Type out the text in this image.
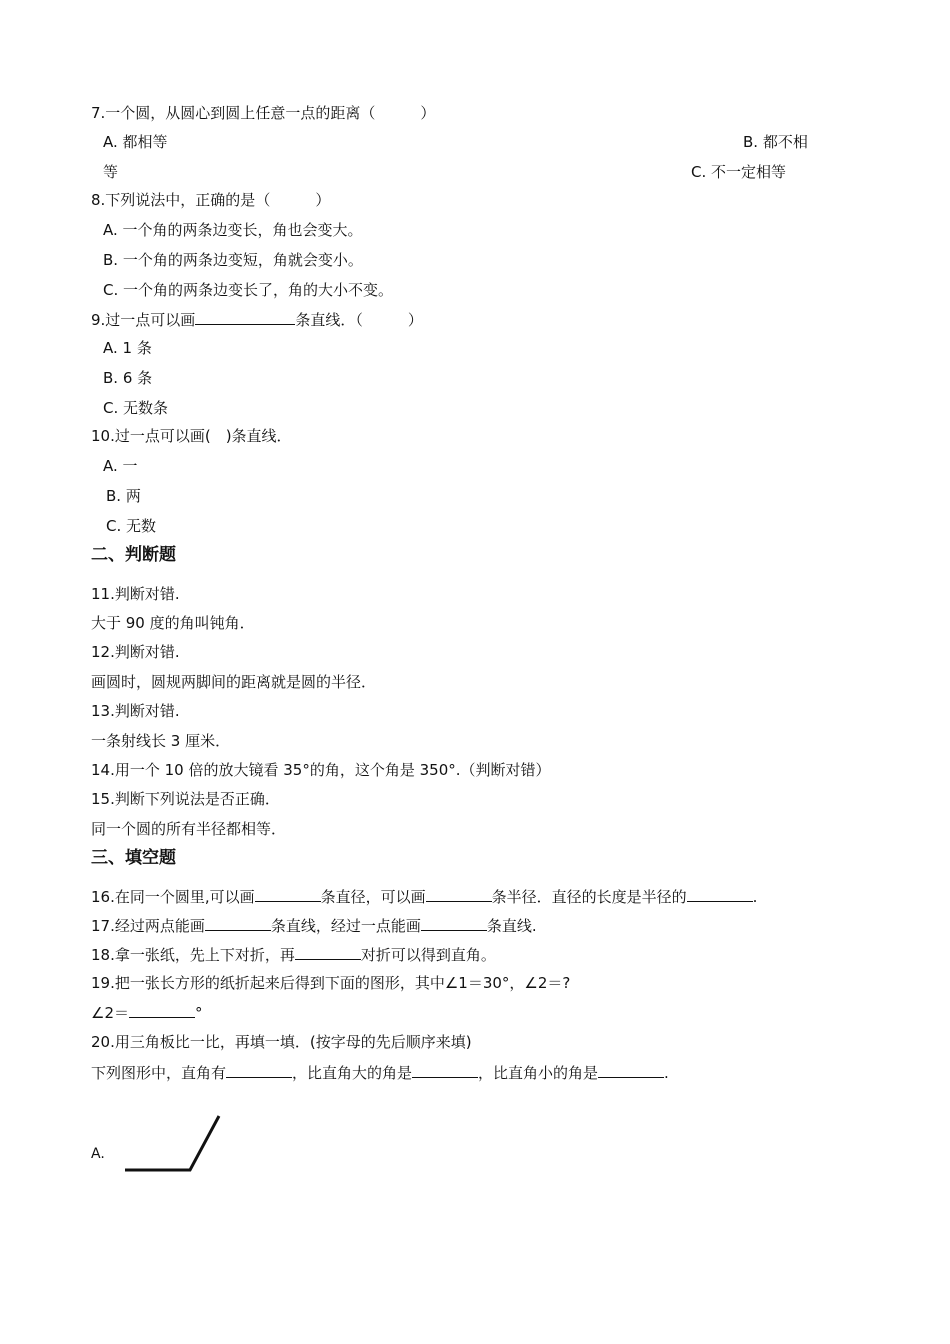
7.一个圆，从圆心到圆上任意一点的距离（　　　）
A. 都相等	B. 都不相
等	C. 不一定相等
8.下列说法中，正确的是（　　　）
A. 一个角的两条边变长，角也会变大。
B. 一个角的两条边变短，角就会变小。
C. 一个角的两条边变长了，角的大小不变。
9.过一点可以画	条直线．（　　　）
A. 1 条
B. 6 条
C. 无数条
10.过一点可以画(　)条直线．
A. 一
B. 两
C. 无数
二、判断题
11.判断对错.
大于 90 度的角叫钝角．
12.判断对错.
画圆时，圆规两脚间的距离就是圆的半径．
13.判断对错.
一条射线长 3 厘米．
14.用一个 10 倍的放大镜看 35°的角，这个角是 350°.（判断对错）
15.判断下列说法是否正确．
同一个圆的所有半径都相等．
三、填空题
16.在同一个圆里,可以画	条直径，可以画	条半径．直径的长度是半径的	.
17.经过两点能画	条直线，经过一点能画	条直线.
18.拿一张纸，先上下对折，再	对折可以得到直角。
19.把一张长方形的纸折起来后得到下面的图形，其中∠1＝30°，∠2＝?
∠2＝	°
20.用三角板比一比，再填一填．(按字母的先后顺序来填)
下列图形中，直角有	，比直角大的角是	，比直角小的角是	.
A.
